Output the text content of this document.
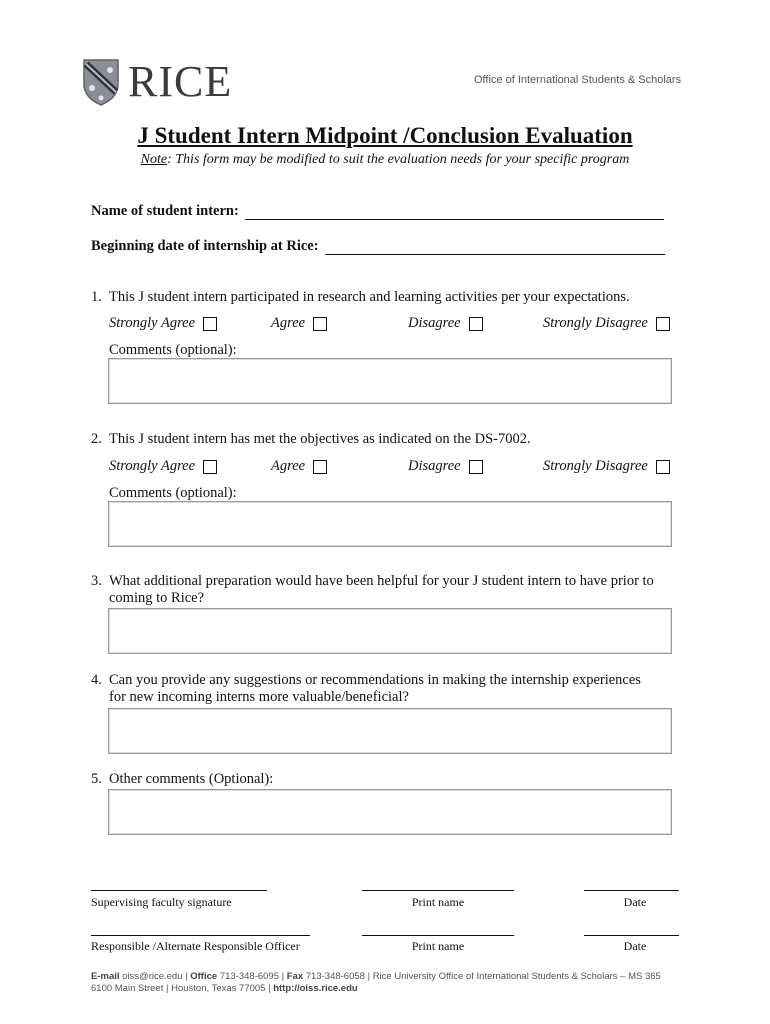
RICE	Office of International Students & Scholars
J Student Intern Midpoint /Conclusion Evaluation
Note: This form may be modified to suit the evaluation needs for your specific program
Name of student intern:
Beginning date of internship at Rice:
1. This J student intern participated in research and learning activities per your expectations.
Strongly Agree	Agree	Disagree	Strongly Disagree
Comments (optional):
2. This J student intern has met the objectives as indicated on the DS-7002.
Strongly Agree	Agree	Disagree	Strongly Disagree
Comments (optional):
3. What additional preparation would have been helpful for your J student intern to have prior to
coming to Rice?
4. Can you provide any suggestions or recommendations in making the internship experiences
for new incoming interns more valuable/beneficial?
5. Other comments (Optional):
Supervising faculty signature	Print name	Date
Responsible /Alternate Responsible Officer	Print name	Date
E-mail oiss@rice.edu | Office 713-348-6095 | Fax 713-348-6058 | Rice University Office of International Students & Scholars – MS 365
6100 Main Street | Houston, Texas 77005 | http://oiss.rice.edu
